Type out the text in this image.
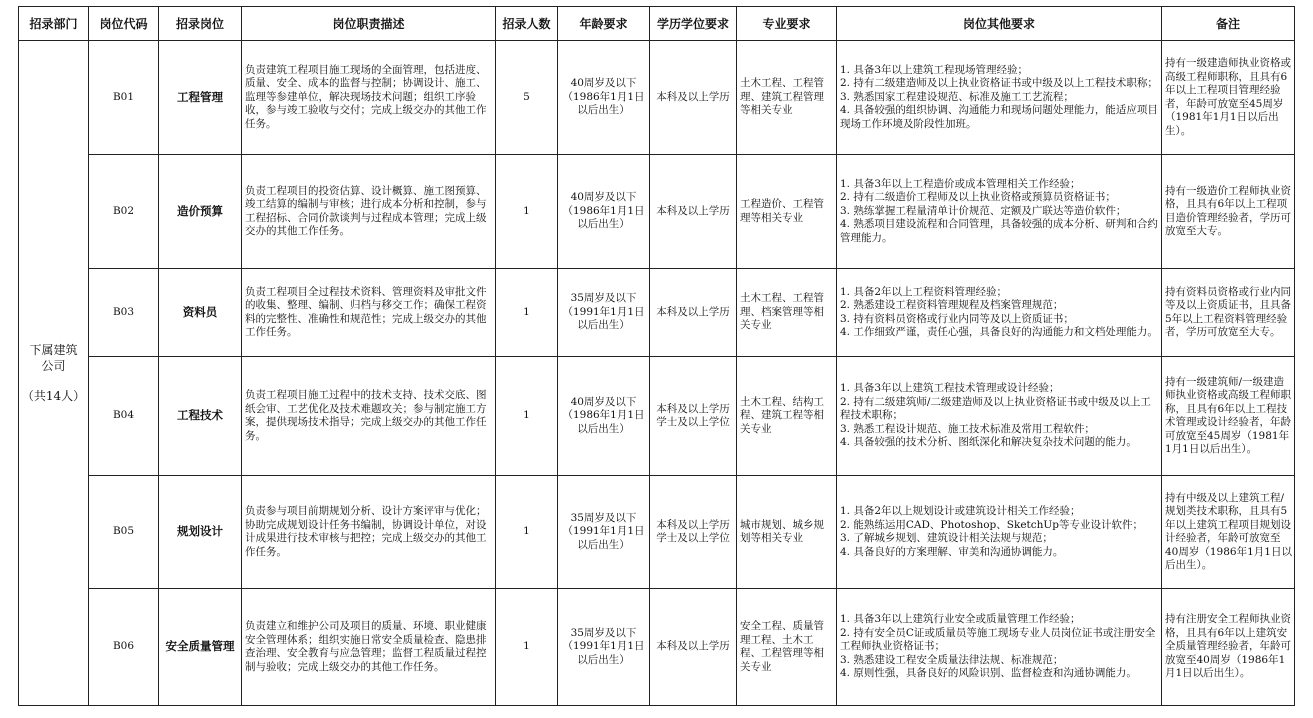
招录部门	岗位代码	招录岗位	岗位职责描述	招录人数	年龄要求	学历学位要求	专业要求	岗位其他要求	备注

下属建筑公司
（共14人）	B01	工程管理	负责建筑工程项目施工现场的全面管理，包括进度、质量、安全、成本的监督与控制；协调设计、施工、监理等参建单位，解决现场技术问题；组织工序验收，参与竣工验收与交付；完成上级交办的其他工作任务。	5	40周岁及以下（1986年1月1日以后出生）	本科及以上学历	土木工程、工程管理、建筑工程管理等相关专业	1. 具备3年以上建筑工程现场管理经验；
2. 持有二级建造师及以上执业资格证书或中级及以上工程技术职称；
3. 熟悉国家工程建设规范、标准及施工工艺流程；
4. 具备较强的组织协调、沟通能力和现场问题处理能力，能适应项目现场工作环境及阶段性加班。	持有一级建造师执业资格或高级工程师职称，且具有6年以上工程项目管理经验者，年龄可放宽至45周岁（1981年1月1日以后出生）。
	B02	造价预算	负责工程项目的投资估算、设计概算、施工图预算、竣工结算的编制与审核；进行成本分析和控制，参与工程招标、合同价款谈判与过程成本管理；完成上级交办的其他工作任务。	1	40周岁及以下（1986年1月1日以后出生）	本科及以上学历	工程造价、工程管理等相关专业	1. 具备3年以上工程造价或成本管理相关工作经验；
2. 持有二级造价工程师及以上执业资格或预算员资格证书；
3. 熟练掌握工程量清单计价规范、定额及广联达等造价软件；
4. 熟悉项目建设流程和合同管理，具备较强的成本分析、研判和合约管理能力。	持有一级造价工程师执业资格，且具有6年以上工程项目造价管理经验者，学历可放宽至大专。
	B03	资料员	负责工程项目全过程技术资料、管理资料及审批文件的收集、整理、编制、归档与移交工作；确保工程资料的完整性、准确性和规范性；完成上级交办的其他工作任务。	1	35周岁及以下（1991年1月1日以后出生）	本科及以上学历	土木工程、工程管理、档案管理等相关专业	1. 具备2年以上工程资料管理经验；
2. 熟悉建设工程资料管理规程及档案管理规范；
3. 持有资料员资格或行业内同等及以上资质证书；
4. 工作细致严谨，责任心强，具备良好的沟通能力和文档处理能力。	持有资料员资格或行业内同等及以上资质证书，且具备5年以上工程资料管理经验者，学历可放宽至大专。
	B04	工程技术	负责工程项目施工过程中的技术支持、技术交底、图纸会审、工艺优化及技术难题攻关；参与制定施工方案，提供现场技术指导；完成上级交办的其他工作任务。	1	40周岁及以下（1986年1月1日以后出生）	本科及以上学历学士及以上学位	土木工程、结构工程、建筑工程等相关专业	1. 具备3年以上建筑工程技术管理或设计经验；
2. 持有二级建筑师/二级建造师及以上执业资格证书或中级及以上工程技术职称；
3. 熟悉工程设计规范、施工技术标准及常用工程软件；
4. 具备较强的技术分析、图纸深化和解决复杂技术问题的能力。	持有一级建筑师/一级建造师执业资格或高级工程师职称，且具有6年以上工程技术管理或设计经验者，年龄可放宽至45周岁（1981年1月1日以后出生）。
	B05	规划设计	负责参与项目前期规划分析、设计方案评审与优化；协助完成规划设计任务书编制，协调设计单位，对设计成果进行技术审核与把控；完成上级交办的其他工作任务。	1	35周岁及以下（1991年1月1日以后出生）	本科及以上学历学士及以上学位	城市规划、城乡规划等相关专业	1. 具备2年以上规划设计或建筑设计相关工作经验；
2. 能熟练运用CAD、Photoshop、SketchUp等专业设计软件；
3. 了解城乡规划、建筑设计相关法规与规范；
4. 具备良好的方案理解、审美和沟通协调能力。	持有中级及以上建筑工程/规划类技术职称，且具有5年以上建筑工程项目规划设计经验者，年龄可放宽至40周岁（1986年1月1日以后出生）。
	B06	安全质量管理	负责建立和维护公司及项目的质量、环境、职业健康安全管理体系；组织实施日常安全质量检查、隐患排查治理、安全教育与应急管理；监督工程质量过程控制与验收；完成上级交办的其他工作任务。	1	35周岁及以下（1991年1月1日以后出生）	本科及以上学历	安全工程、质量管理工程、土木工程、工程管理等相关专业	1. 具备3年以上建筑行业安全或质量管理工作经验；
2. 持有安全员C证或质量员等施工现场专业人员岗位证书或注册安全工程师执业资格证书；
3. 熟悉建设工程安全质量法律法规、标准规范；
4. 原则性强，具备良好的风险识别、监督检查和沟通协调能力。	持有注册安全工程师执业资格，且具有6年以上建筑安全质量管理经验者，年龄可放宽至40周岁（1986年1月1日以后出生）。
